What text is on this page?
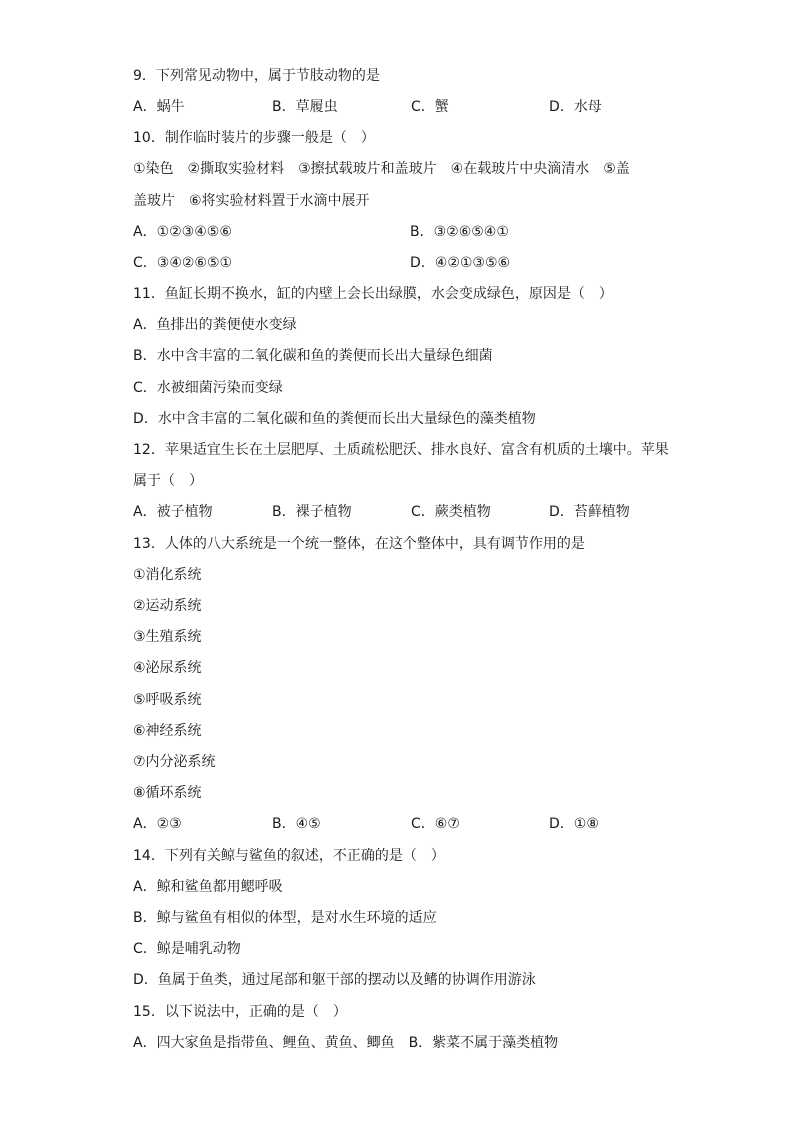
9．下列常见动物中，属于节肢动物的是
A．蜗牛	B．草履虫	C．蟹	D．水母
10．制作临时装片的步骤一般是（　）
①染色　②撕取实验材料　③擦拭载玻片和盖玻片　④在载玻片中央滴清水　⑤盖
盖玻片　⑥将实验材料置于水滴中展开
A．①②③④⑤⑥	B．③②⑥⑤④①
C．③④②⑥⑤①	D．④②①③⑤⑥
11．鱼缸长期不换水，缸的内壁上会长出绿膜，水会变成绿色，原因是（　）
A．鱼排出的粪便使水变绿
B．水中含丰富的二氧化碳和鱼的粪便而长出大量绿色细菌
C．水被细菌污染而变绿
D．水中含丰富的二氧化碳和鱼的粪便而长出大量绿色的藻类植物
12．苹果适宜生长在土层肥厚、土质疏松肥沃、排水良好、富含有机质的土壤中。苹果
属于（　）
A．被子植物	B．裸子植物	C．蕨类植物	D．苔藓植物
13．人体的八大系统是一个统一整体，在这个整体中，具有调节作用的是
①消化系统
②运动系统
③生殖系统
④泌尿系统
⑤呼吸系统
⑥神经系统
⑦内分泌系统
⑧循环系统
A．②③	B．④⑤	C．⑥⑦	D．①⑧
14．下列有关鲸与鲨鱼的叙述，不正确的是（　）
A．鲸和鲨鱼都用鳃呼吸
B．鲸与鲨鱼有相似的体型，是对水生环境的适应
C．鲸是哺乳动物
D．鱼属于鱼类，通过尾部和躯干部的摆动以及鳍的协调作用游泳
15．以下说法中，正确的是（　）
A．四大家鱼是指带鱼、鲤鱼、黄鱼、鲫鱼　B．紫菜不属于藻类植物
